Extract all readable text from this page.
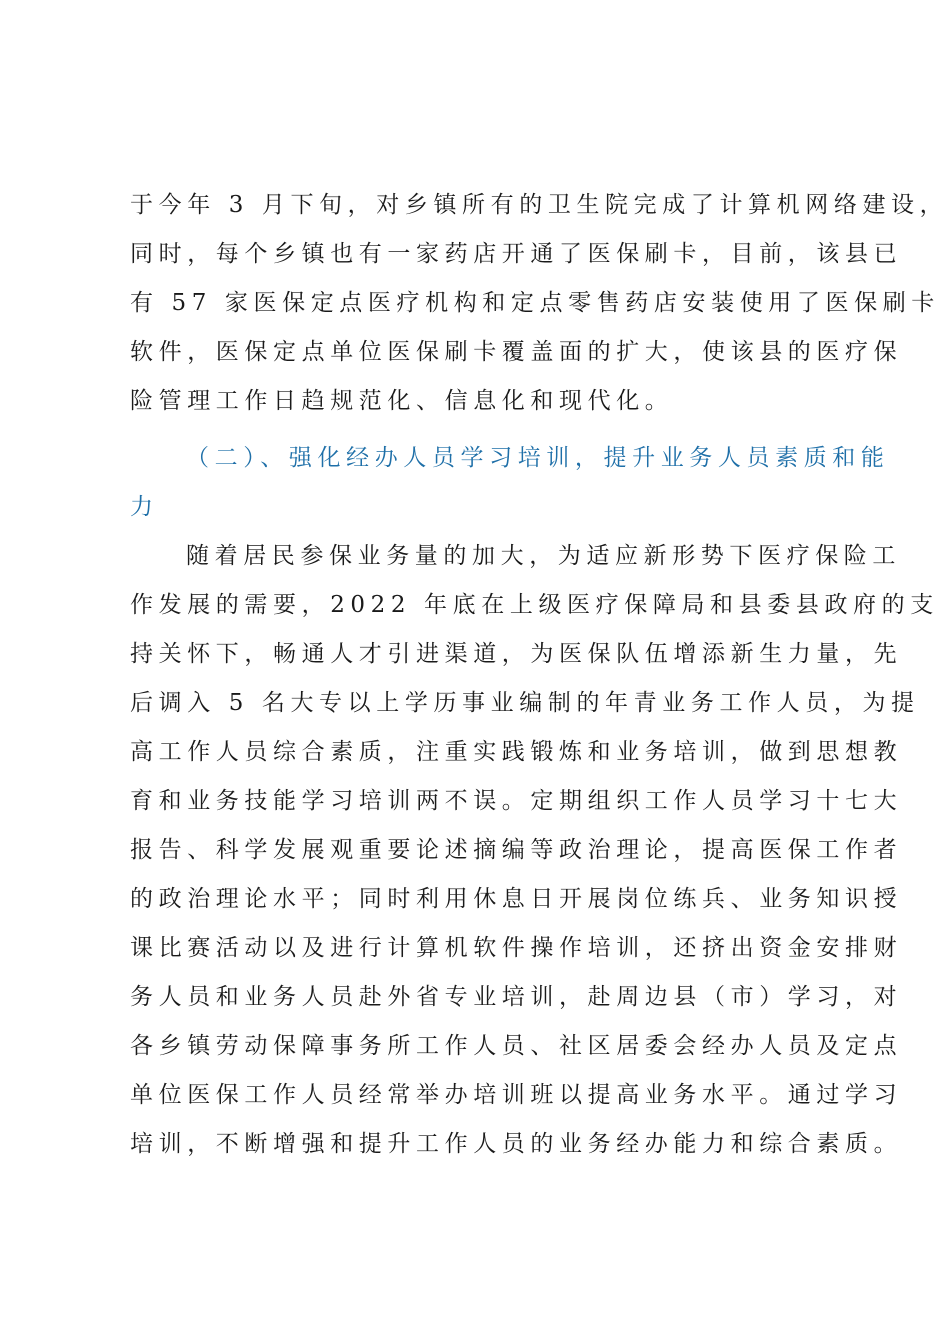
于今年 3 月下旬，对乡镇所有的卫生院完成了计算机网络建设，
同时，每个乡镇也有一家药店开通了医保刷卡，目前，该县已
有 57 家医保定点医疗机构和定点零售药店安装使用了医保刷卡
软件，医保定点单位医保刷卡覆盖面的扩大，使该县的医疗保
险管理工作日趋规范化、信息化和现代化。
（二）、强化经办人员学习培训，提升业务人员素质和能
力
随着居民参保业务量的加大，为适应新形势下医疗保险工
作发展的需要，2022 年底在上级医疗保障局和县委县政府的支
持关怀下，畅通人才引进渠道，为医保队伍增添新生力量，先
后调入 5 名大专以上学历事业编制的年青业务工作人员，为提
高工作人员综合素质，注重实践锻炼和业务培训，做到思想教
育和业务技能学习培训两不误。定期组织工作人员学习十七大
报告、科学发展观重要论述摘编等政治理论，提高医保工作者
的政治理论水平；同时利用休息日开展岗位练兵、业务知识授
课比赛活动以及进行计算机软件操作培训，还挤出资金安排财
务人员和业务人员赴外省专业培训，赴周边县（市）学习，对
各乡镇劳动保障事务所工作人员、社区居委会经办人员及定点
单位医保工作人员经常举办培训班以提高业务水平。通过学习
培训，不断增强和提升工作人员的业务经办能力和综合素质。
